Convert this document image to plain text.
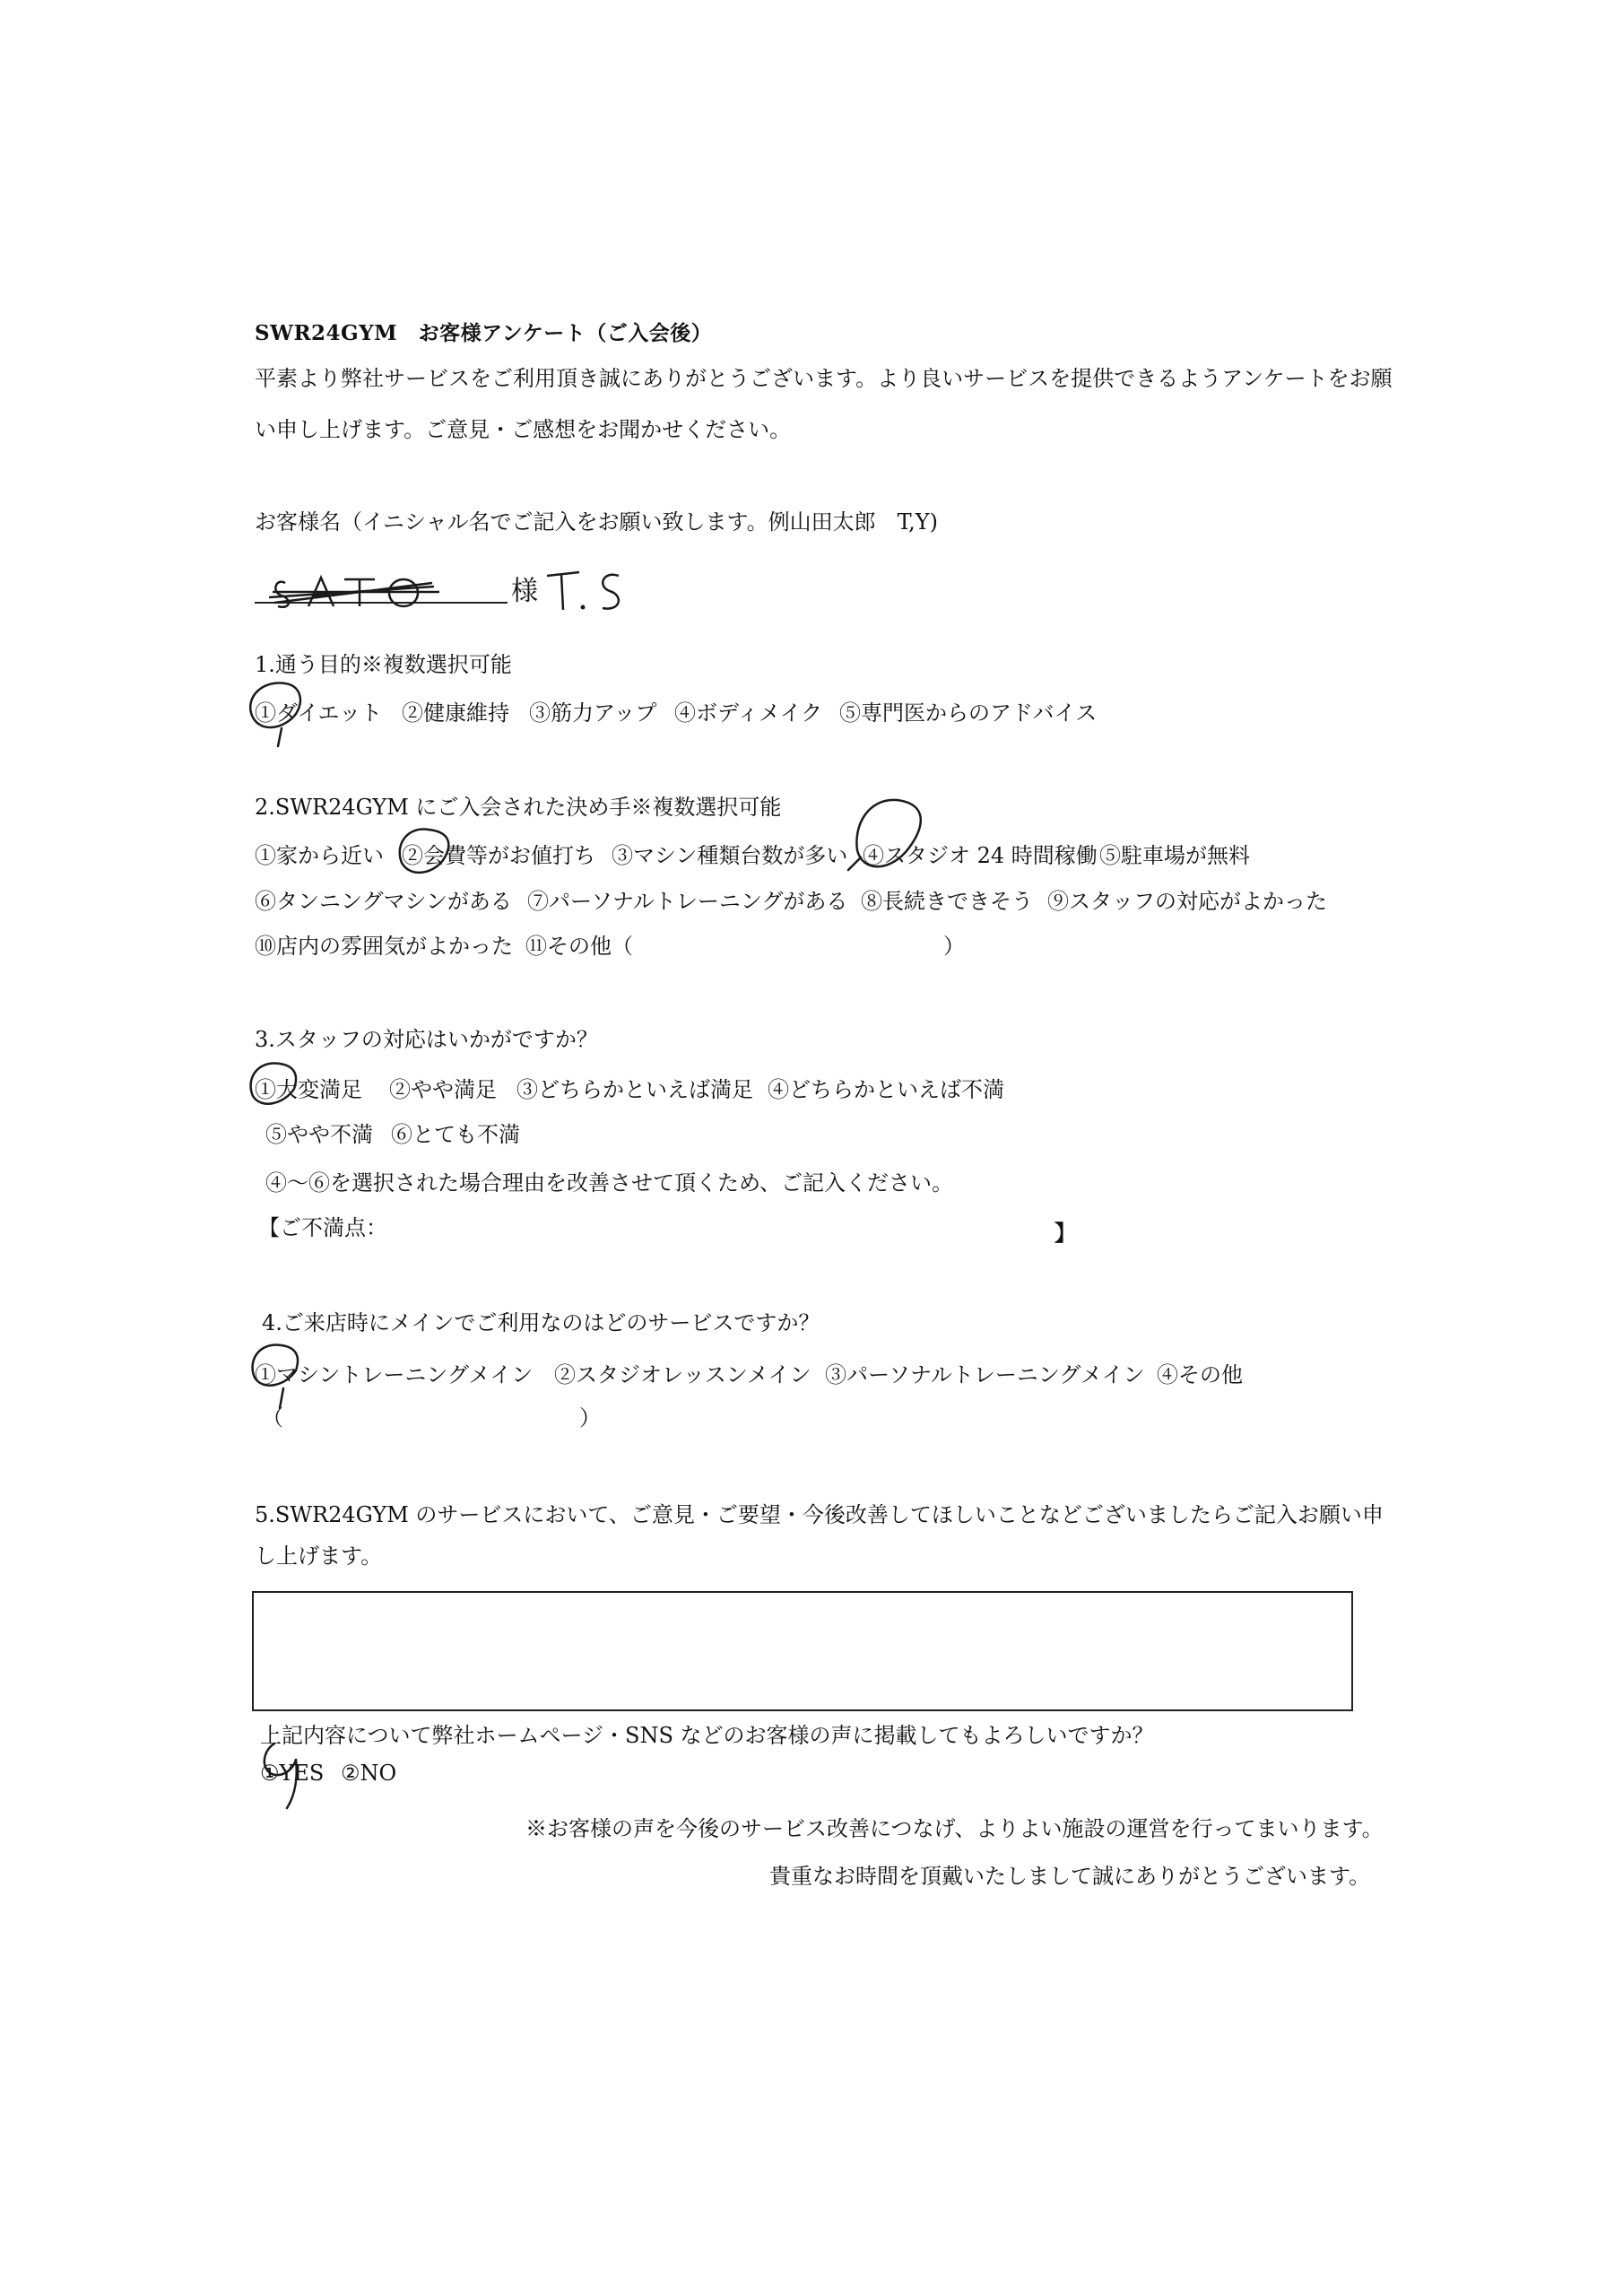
SWR24GYM　お客様アンケート（ご入会後）

平素より弊社サービスをご利用頂き誠にありがとうございます。より良いサービスを提供できるようアンケートをお願

い申し上げます。ご意見・ご感想をお聞かせください。

お客様名（イニシャル名でご記入をお願い致します。例山田太郎　T,Y)

様

1.通う目的※複数選択可能

①ダイエット ②健康維持 ③筋力アップ ④ボディメイク ⑤専門医からのアドバイス

2.SWR24GYM にご入会された決め手※複数選択可能

①家から近い ②会費等がお値打ち ③マシン種類台数が多い ④スタジオ 24 時間稼働 ⑤駐車場が無料

⑥タンニングマシンがある ⑦パーソナルトレーニングがある ⑧長続きできそう ⑨スタッフの対応がよかった

⑩店内の雰囲気がよかった ⑪その他（	）

3.スタッフの対応はいかがですか？

①大変満足 ②やや満足 ③どちらかといえば満足 ④どちらかといえば不満

⑤やや不満 ⑥とても不満

④～⑥を選択された場合理由を改善させて頂くため、ご記入ください。

【ご不満点：	】

4.ご来店時にメインでご利用なのはどのサービスですか？

①マシントレーニングメイン ②スタジオレッスンメイン ③パーソナルトレーニングメイン ④その他

（	）

5.SWR24GYM のサービスにおいて、ご意見・ご要望・今後改善してほしいことなどございましたらご記入お願い申

し上げます。

上記内容について弊社ホームページ・SNS などのお客様の声に掲載してもよろしいですか？

①YES ②NO

※お客様の声を今後のサービス改善につなげ、よりよい施設の運営を行ってまいります。

貴重なお時間を頂戴いたしまして誠にありがとうございます。
